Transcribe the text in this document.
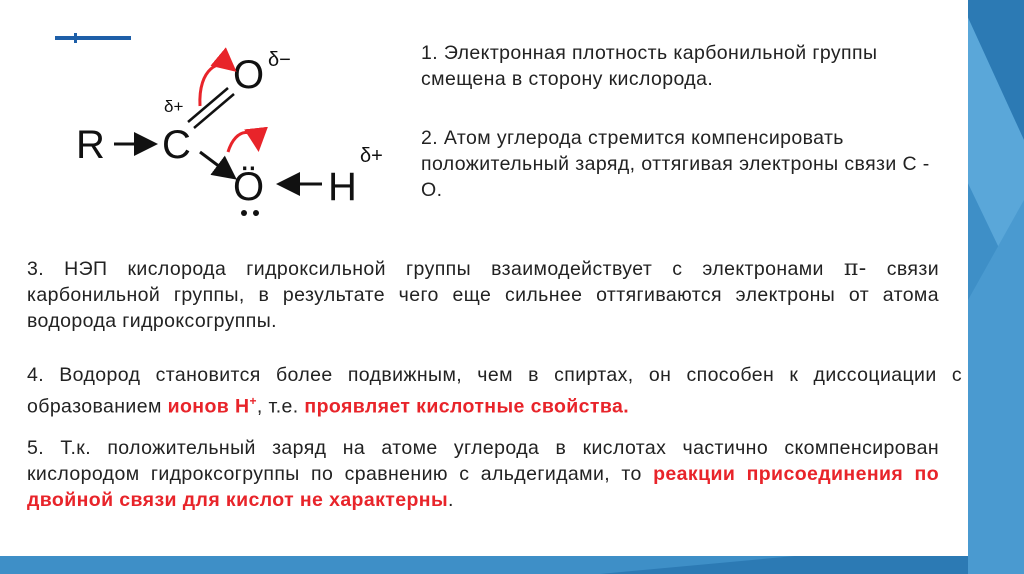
R C
δ+
O δ−
Ö H
δ+

1. Электронная плотность карбонильной группы смещена в сторону кислорода.

2. Атом углерода стремится компенсировать положительный заряд, оттягивая электроны связи С - О.

3. НЭП кислорода гидроксильной группы взаимодействует с электронами π- связи карбонильной группы, в результате чего еще сильнее оттягиваются электроны от атома водорода гидроксогруппы.

4. Водород становится более подвижным, чем в спиртах, он способен к диссоциации с образованием ионов Н+, т.е. проявляет кислотные свойства.

5. Т.к. положительный заряд на атоме углерода в кислотах частично скомпенсирован кислородом гидроксогруппы по сравнению с альдегидами, то реакции присоединения по двойной связи для кислот не характерны.
